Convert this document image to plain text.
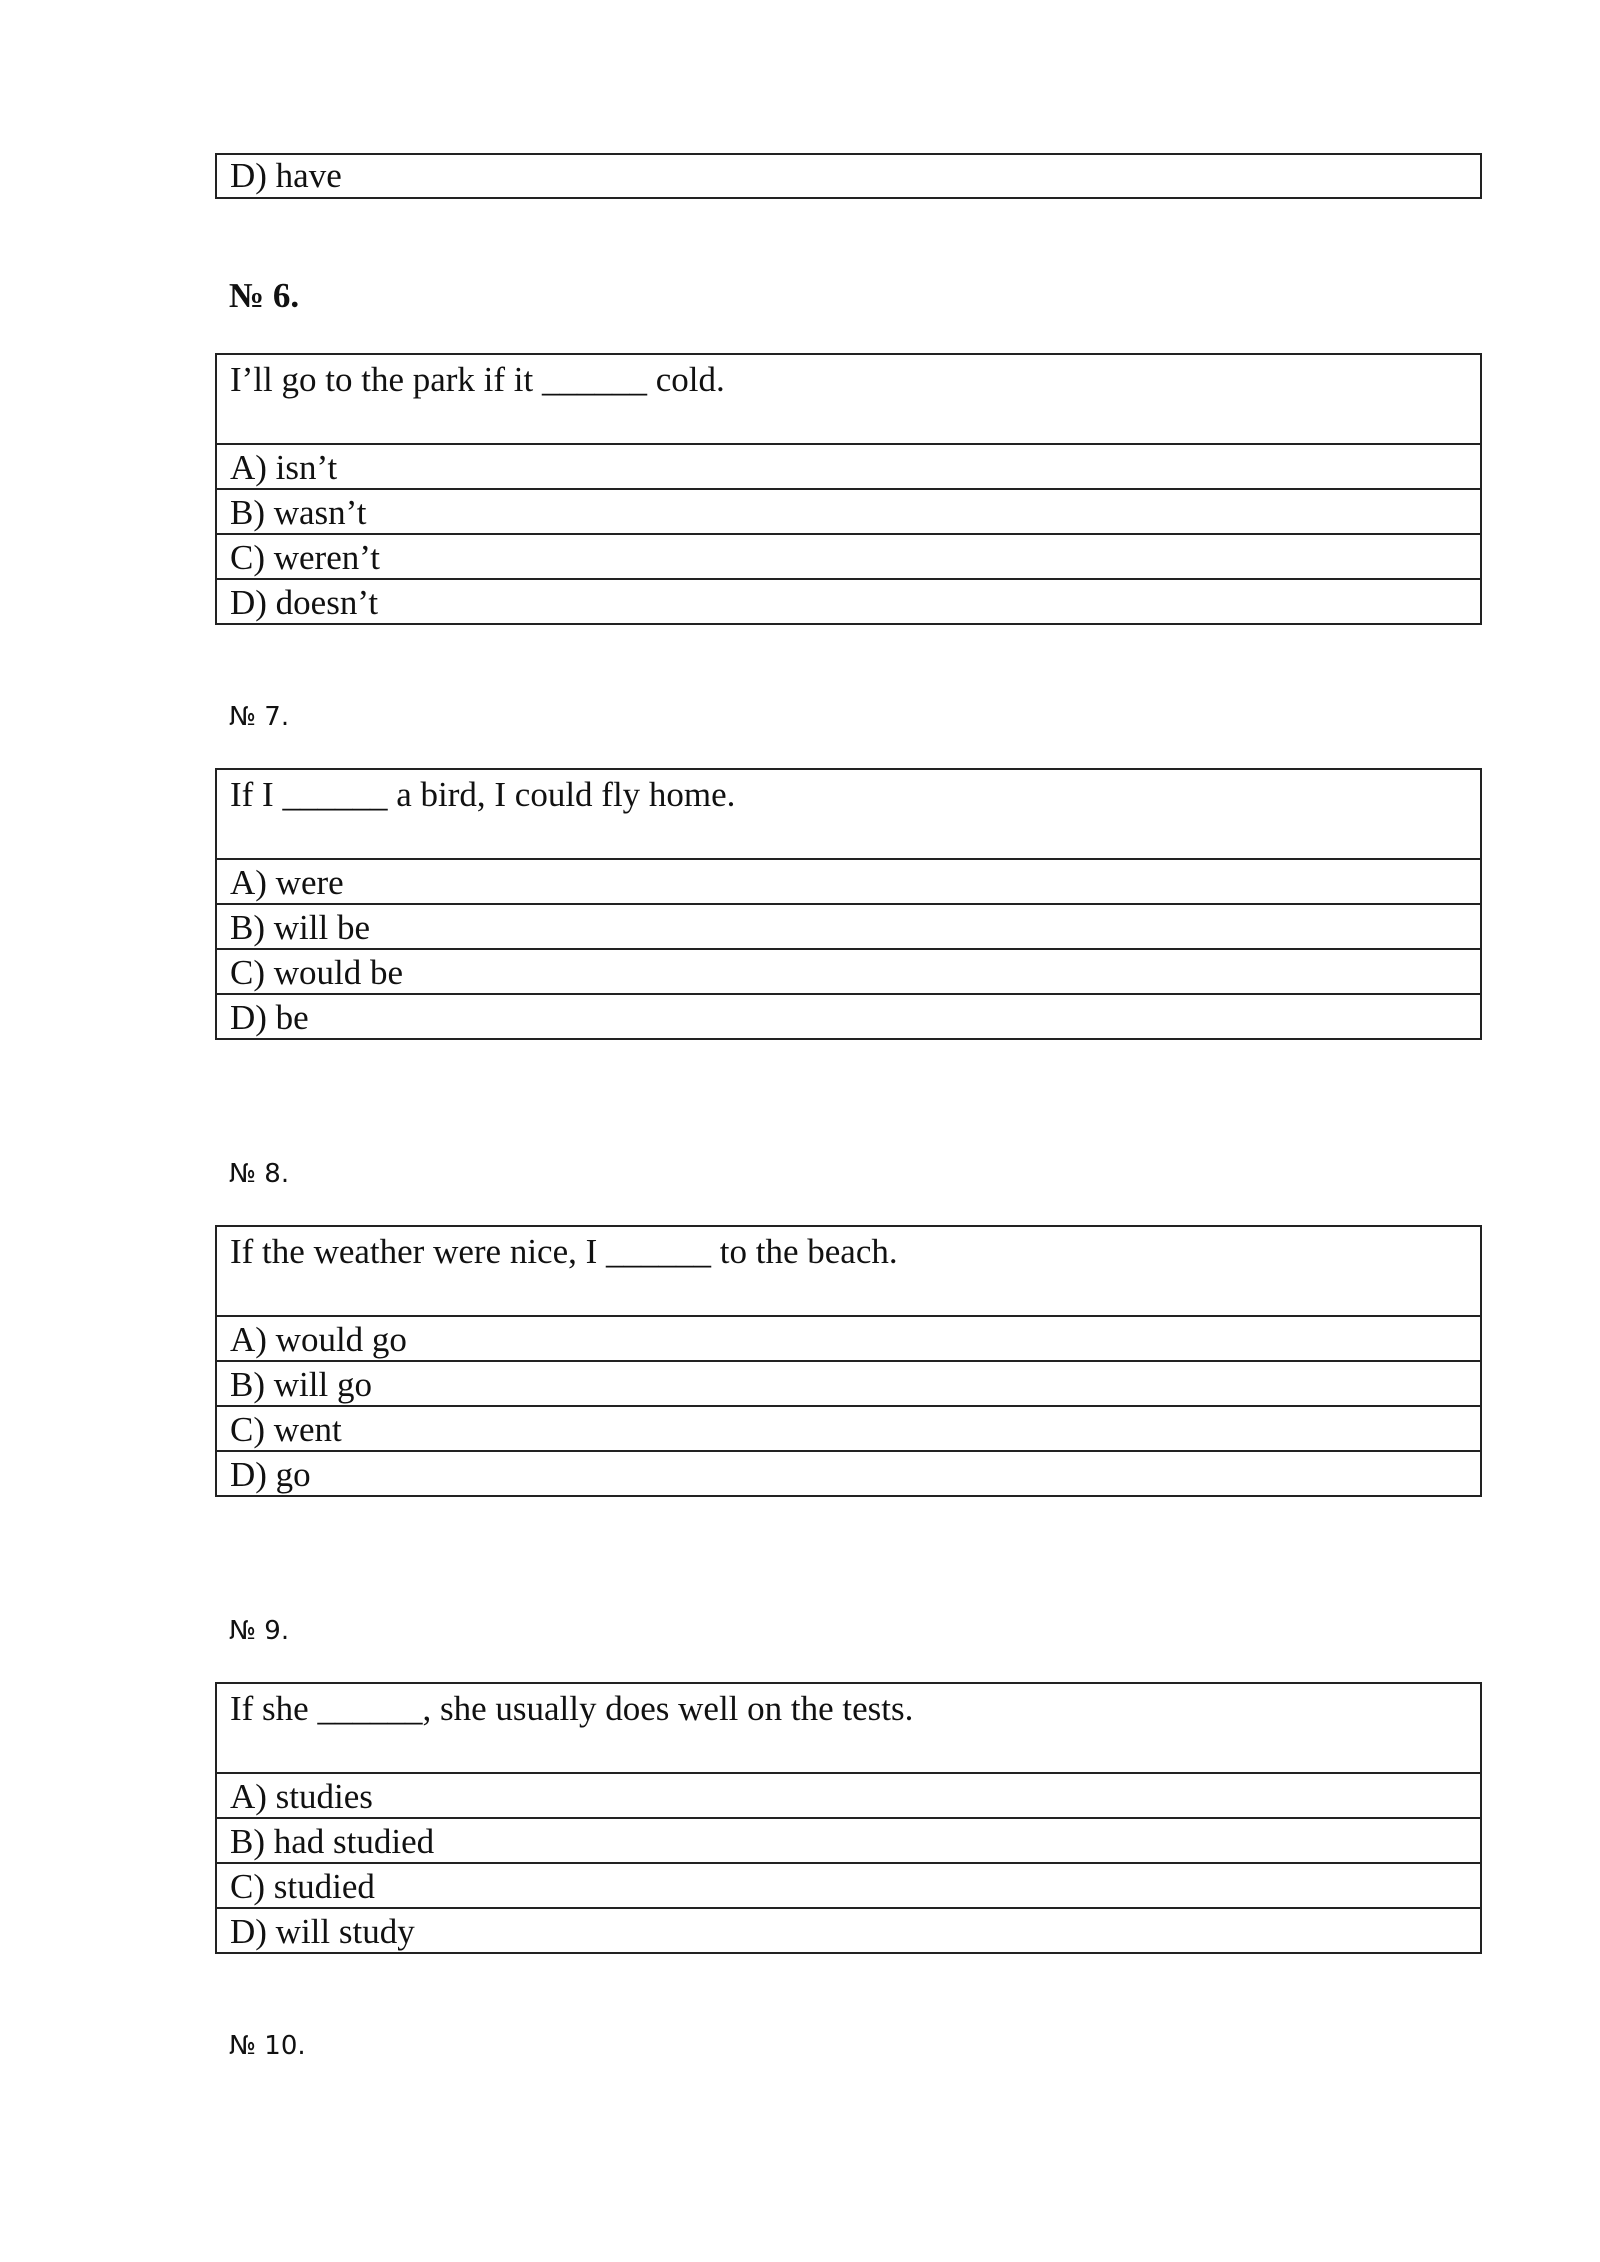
D) have
№ 6.
I’ll go to the park if it ______ cold.
A) isn’t
B) wasn’t
C) weren’t
D) doesn’t
№ 7.
If I ______ a bird, I could fly home.
A) were
B) will be
C) would be
D) be
№ 8.
If the weather were nice, I ______ to the beach.
A) would go
B) will go
C) went
D) go
№ 9.
If she ______, she usually does well on the tests.
A) studies
B) had studied
C) studied
D) will study
№ 10.
